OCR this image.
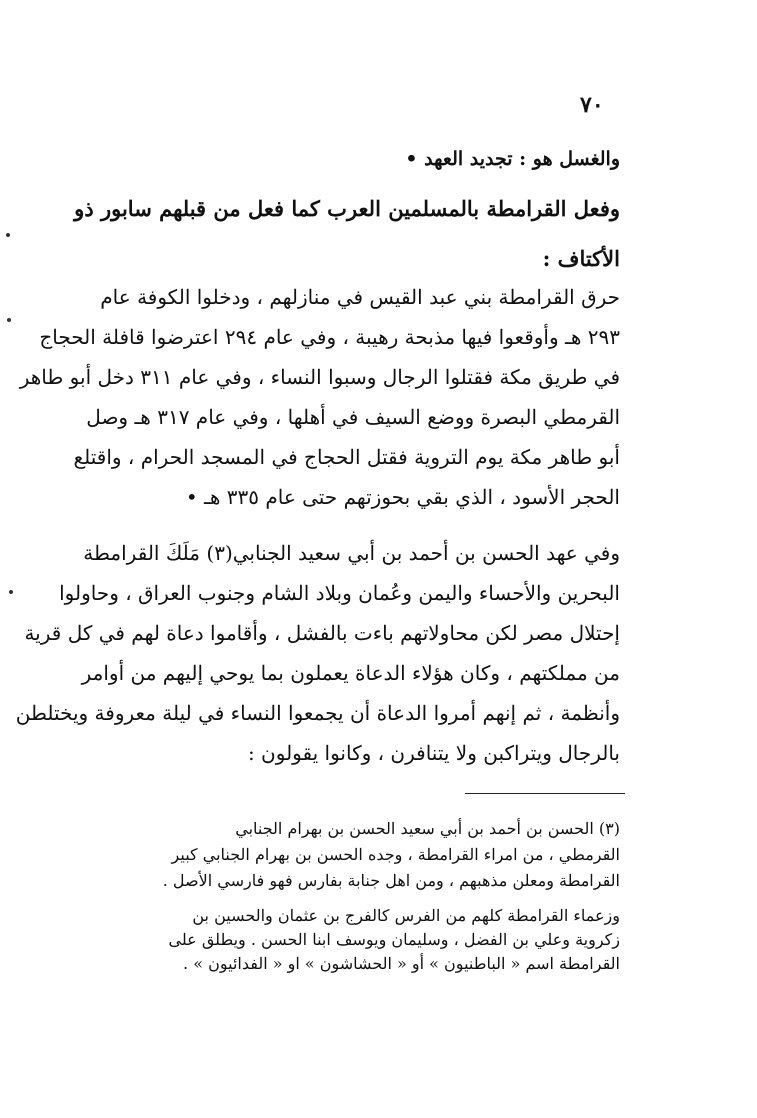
٧٠
والغسل هو : تجديد العهد •
وفعل القرامطة بالمسلمين العرب كما فعل من قبلهم سابور ذو
الأكتاف :
حرق القرامطة بني عبد القيس في منازلهم ، ودخلوا الكوفة عام
٢٩٣ هـ وأوقعوا فيها مذبحة رهيبة ، وفي عام ٢٩٤ اعترضوا قافلة الحجاج
في طريق مكة فقتلوا الرجال وسبوا النساء ، وفي عام ٣١١ دخل أبو طاهر
القرمطي البصرة ووضع السيف في أهلها ، وفي عام ٣١٧ هـ وصل
أبو طاهر مكة يوم التروية فقتل الحجاج في المسجد الحرام ، واقتلع
الحجر الأسود ، الذي بقي بحوزتهم حتى عام ٣٣٥ هـ •
وفي عهد الحسن بن أحمد بن أبي سعيد الجنابي(٣) مَلَكَ القرامطة
البحرين والأحساء واليمن وعُمان وبلاد الشام وجنوب العراق ، وحاولوا
إحتلال مصر لكن محاولاتهم باءت بالفشل ، وأقاموا دعاة لهم في كل قرية
من مملكتهم ، وكان هؤلاء الدعاة يعملون بما يوحي إليهم من أوامر
وأنظمة ، ثم إنهم أمروا الدعاة أن يجمعوا النساء في ليلة معروفة ويختلطن
بالرجال ويتراكبن ولا يتنافرن ، وكانوا يقولون :
(٣) الحسن بن أحمد بن أبي سعيد الحسن بن بهرام الجنابي
القرمطي ، من امراء القرامطة ، وجده الحسن بن بهرام الجنابي كبير
القرامطة ومعلن مذهبهم ، ومن اهل جنابة بفارس فهو فارسي الأصل .
وزعماء القرامطة كلهم من الفرس كالفرج بن عثمان والحسين بن
زكروية وعلي بن الفضل ، وسليمان ويوسف ابنا الحسن . ويطلق على
القرامطة اسم « الباطنيون » أو « الحشاشون » او « الفدائيون » .
